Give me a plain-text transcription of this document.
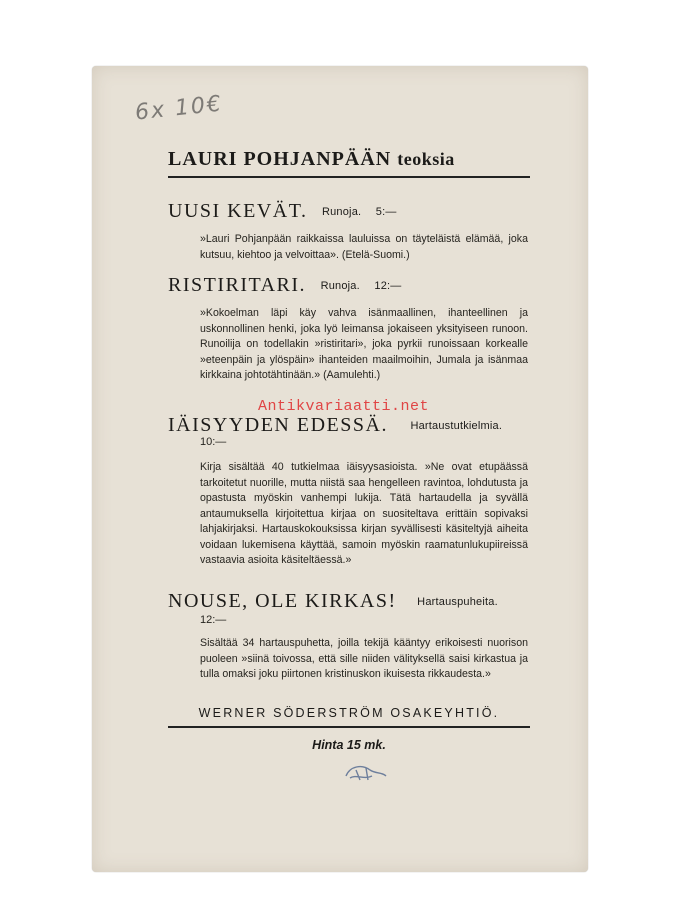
6x 10€
LAURI POHJANPÄÄN teoksia
UUSI KEVÄT. Runoja. 5:—
»Lauri Pohjanpään raikkaissa lauluissa on täyteläistä elämää, joka kutsuu, kiehtoo ja velvoittaa». (Etelä-Suomi.)
RISTIRITARI. Runoja. 12:—
»Kokoelman läpi käy vahva isänmaallinen, ihanteellinen ja uskonnollinen henki, joka lyö leimansa jokaiseen yksityiseen runoon. Runoilija on todellakin »ristiritari», joka pyrkii runoissaan korkealle »eteenpäin ja ylöspäin» ihanteiden maailmoihin, Jumala ja isänmaa kirkkaina johtotähtinään.» (Aamulehti.)
Antikvariaatti.net
IÄISYYDEN EDESSÄ. Hartaustutkielmia.
10:—
Kirja sisältää 40 tutkielmaa iäisyysasioista. »Ne ovat etupäässä tarkoitetut nuorille, mutta niistä saa hengelleen ravintoa, lohdutusta ja opastusta myöskin vanhempi lukija. Tätä hartaudella ja syvällä antaumuksella kirjoitettua kirjaa on suositeltava erittäin sopivaksi lahjakirjaksi. Hartauskokouksissa kirjan syvällisesti käsiteltyjä aiheita voidaan lukemisena käyttää, samoin myöskin raamatunlukupiireissä vastaavia asioita käsiteltäessä.»
NOUSE, OLE KIRKAS! Hartauspuheita.
12:—
Sisältää 34 hartauspuhetta, joilla tekijä kääntyy erikoisesti nuorison puoleen »siinä toivossa, että sille niiden välityksellä saisi kirkastua ja tulla omaksi joku piirtonen kristinuskon ikuisesta rikkaudesta.»
WERNER SÖDERSTRÖM OSAKEYHTIÖ.
Hinta 15 mk.
